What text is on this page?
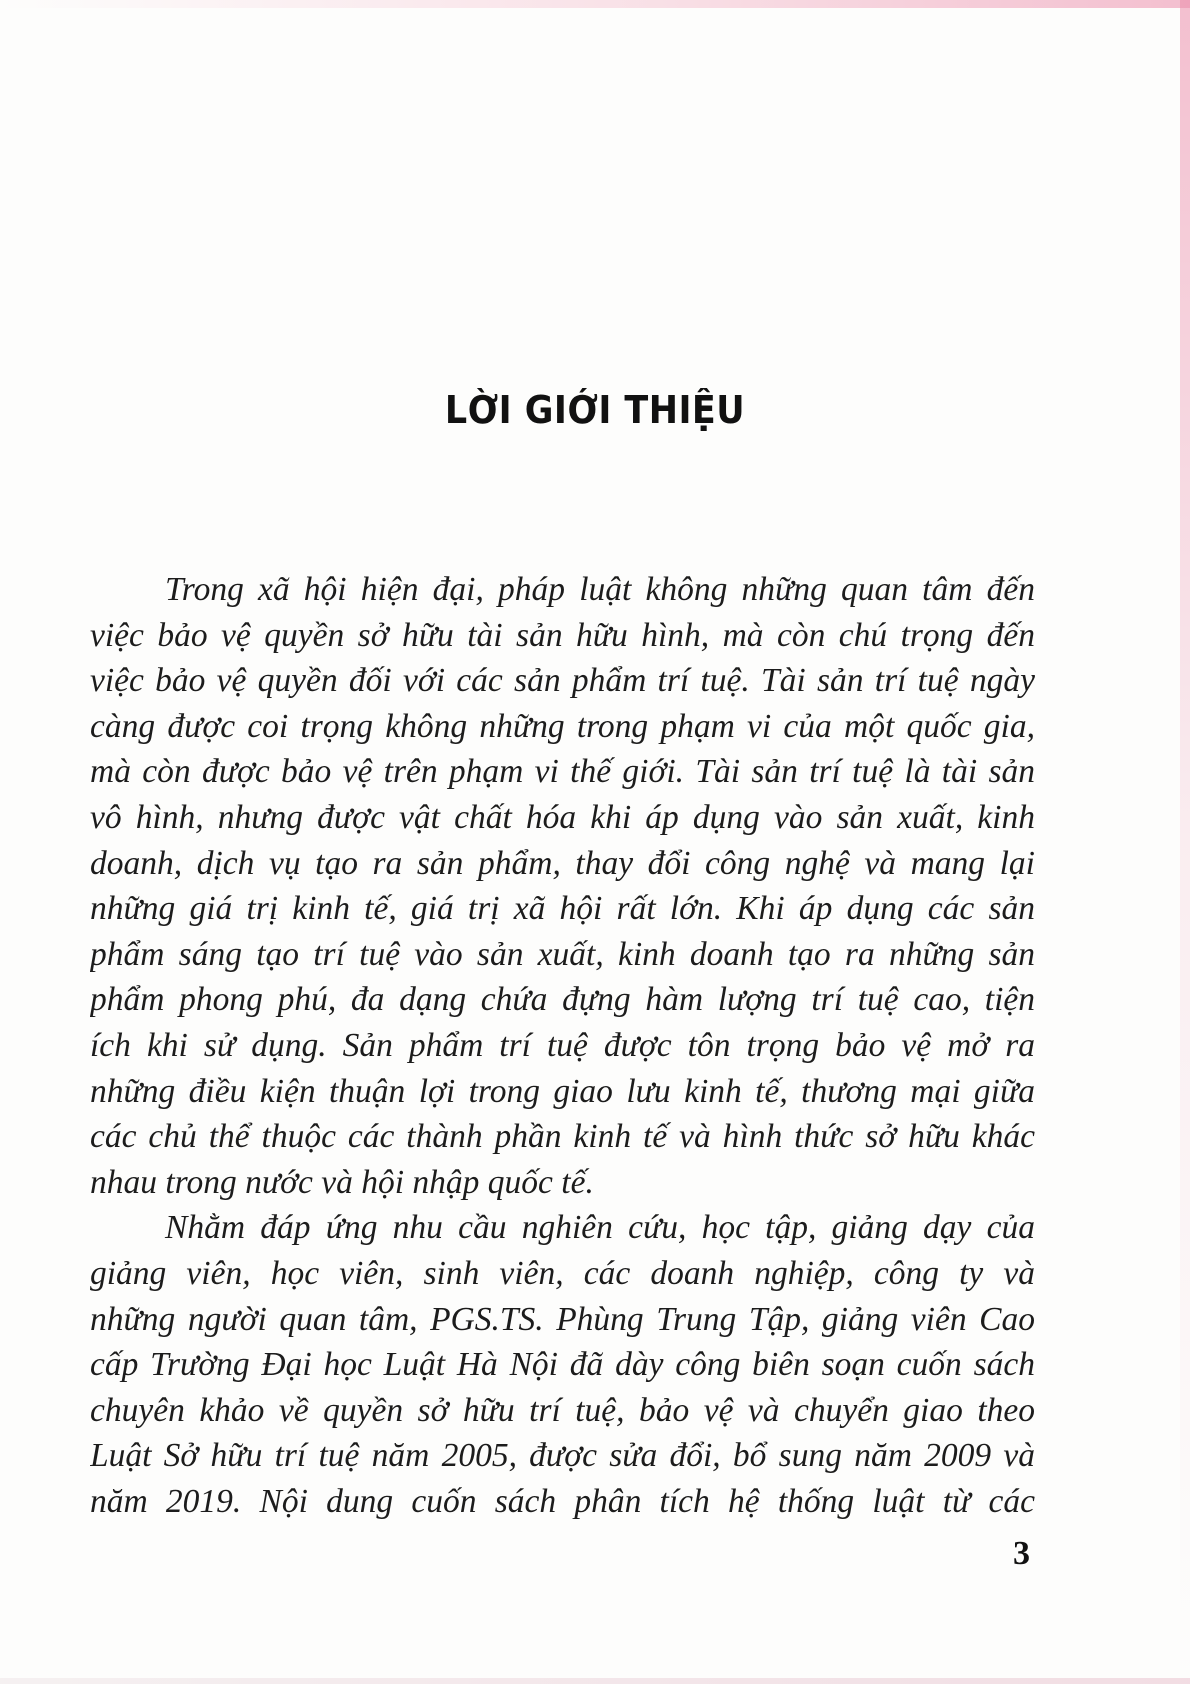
LỜI GIỚI THIỆU
Trong xã hội hiện đại, pháp luật không những quan tâm đến
việc bảo vệ quyền sở hữu tài sản hữu hình, mà còn chú trọng đến
việc bảo vệ quyền đối với các sản phẩm trí tuệ. Tài sản trí tuệ ngày
càng được coi trọng không những trong phạm vi của một quốc gia,
mà còn được bảo vệ trên phạm vi thế giới. Tài sản trí tuệ là tài sản
vô hình, nhưng được vật chất hóa khi áp dụng vào sản xuất, kinh
doanh, dịch vụ tạo ra sản phẩm, thay đổi công nghệ và mang lại
những giá trị kinh tế, giá trị xã hội rất lớn. Khi áp dụng các sản
phẩm sáng tạo trí tuệ vào sản xuất, kinh doanh tạo ra những sản
phẩm phong phú, đa dạng chứa đựng hàm lượng trí tuệ cao, tiện
ích khi sử dụng. Sản phẩm trí tuệ được tôn trọng bảo vệ mở ra
những điều kiện thuận lợi trong giao lưu kinh tế, thương mại giữa
các chủ thể thuộc các thành phần kinh tế và hình thức sở hữu khác
nhau trong nước và hội nhập quốc tế.
Nhằm đáp ứng nhu cầu nghiên cứu, học tập, giảng dạy của
giảng viên, học viên, sinh viên, các doanh nghiệp, công ty và
những người quan tâm, PGS.TS. Phùng Trung Tập, giảng viên Cao
cấp Trường Đại học Luật Hà Nội đã dày công biên soạn cuốn sách
chuyên khảo về quyền sở hữu trí tuệ, bảo vệ và chuyển giao theo
Luật Sở hữu trí tuệ năm 2005, được sửa đổi, bổ sung năm 2009 và
năm 2019. Nội dung cuốn sách phân tích hệ thống luật từ các
3
